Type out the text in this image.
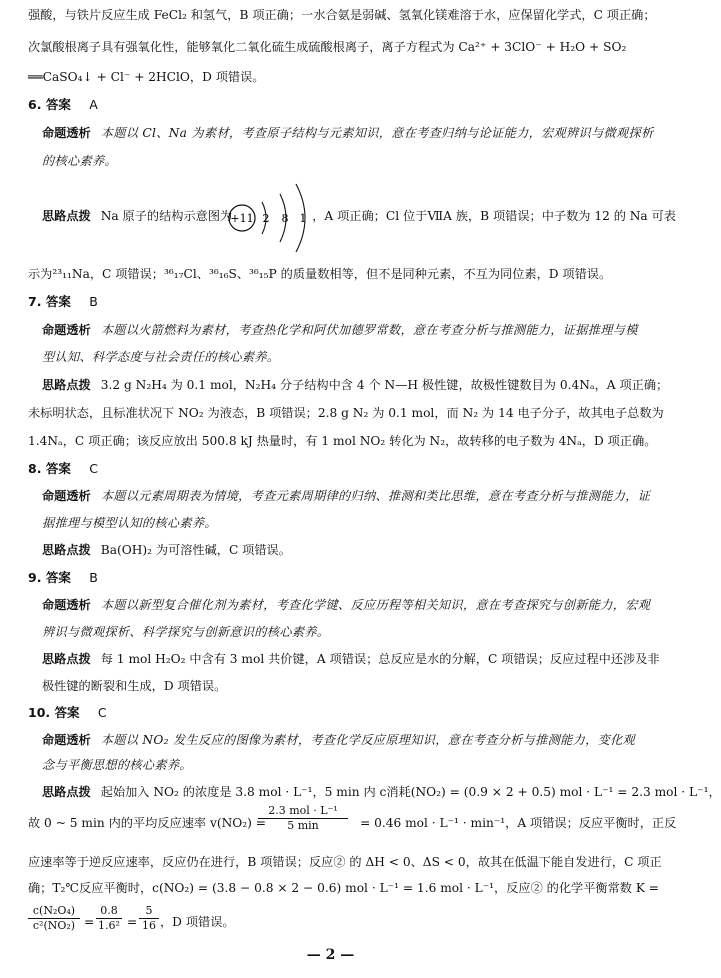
强酸，与铁片反应生成 FeCl₂ 和氢气，B 项正确；一水合氨是弱碱、氢氧化镁难溶于水，应保留化学式，C 项正确；
次氯酸根离子具有强氧化性，能够氧化二氧化硫生成硫酸根离子，离子方程式为 Ca²⁺ + 3ClO⁻ + H₂O + SO₂
══CaSO₄↓ + Cl⁻ + 2HClO，D 项错误。
6. 答案 A
命题透析 本题以 Cl、Na 为素材，考查原子结构与元素知识，意在考查归纳与论证能力，宏观辨识与微观探析
的核心素养。
思路点拨 Na 原子的结构示意图为	，A 项正确；Cl 位于ⅦA 族，B 项错误；中子数为 12 的 Na 可表
+11 2 8 1
示为²³₁₁Na，C 项错误；³⁶₁₇Cl、³⁶₁₆S、³⁶₁₅P 的质量数相等，但不是同种元素，不互为同位素，D 项错误。
7. 答案 B
命题透析 本题以火箭燃料为素材，考查热化学和阿伏加德罗常数，意在考查分析与推测能力，证据推理与模
型认知、科学态度与社会责任的核心素养。
思路点拨 3.2 g N₂H₄ 为 0.1 mol，N₂H₄ 分子结构中含 4 个 N—H 极性键，故极性键数目为 0.4Nₐ，A 项正确；
未标明状态，且标准状况下 NO₂ 为液态，B 项错误；2.8 g N₂ 为 0.1 mol，而 N₂ 为 14 电子分子，故其电子总数为
1.4Nₐ，C 项正确；该反应放出 500.8 kJ 热量时，有 1 mol NO₂ 转化为 N₂，故转移的电子数为 4Nₐ，D 项正确。
8. 答案 C
命题透析 本题以元素周期表为情境，考查元素周期律的归纳、推测和类比思维，意在考查分析与推测能力，证
据推理与模型认知的核心素养。
思路点拨 Ba(OH)₂ 为可溶性碱，C 项错误。
9. 答案 B
命题透析 本题以新型复合催化剂为素材，考查化学键、反应历程等相关知识，意在考查探究与创新能力，宏观
辨识与微观探析、科学探究与创新意识的核心素养。
思路点拨 每 1 mol H₂O₂ 中含有 3 mol 共价键，A 项错误；总反应是水的分解，C 项错误；反应过程中还涉及非
极性键的断裂和生成，D 项错误。
10. 答案 C
命题透析 本题以 NO₂ 发生反应的图像为素材，考查化学反应原理知识，意在考查分析与推测能力，变化观
念与平衡思想的核心素养。
思路点拨 起始加入 NO₂ 的浓度是 3.8 mol · L⁻¹，5 min 内 c消耗(NO₂) = (0.9 × 2 + 0.5) mol · L⁻¹ = 2.3 mol · L⁻¹，
故 0 ~ 5 min 内的平均反应速率 v(NO₂) =	= 0.46 mol · L⁻¹ · min⁻¹，A 项错误；反应平衡时，正反
2.3 mol · L⁻¹
5 min
应速率等于逆反应速率，反应仍在进行，B 项错误；反应② 的 ΔH < 0、ΔS < 0，故其在低温下能自发进行，C 项正
确；T₂℃反应平衡时，c(NO₂) = (3.8 − 0.8 × 2 − 0.6) mol · L⁻¹ = 1.6 mol · L⁻¹，反应② 的化学平衡常数 K =
$\frac{\text{c(N₂O₄)}}{\text{c²(NO₂)}} = \frac{0.8}{\text{1.6²}} = \frac{5}{16}$ ，D 项错误。
— 2 —
